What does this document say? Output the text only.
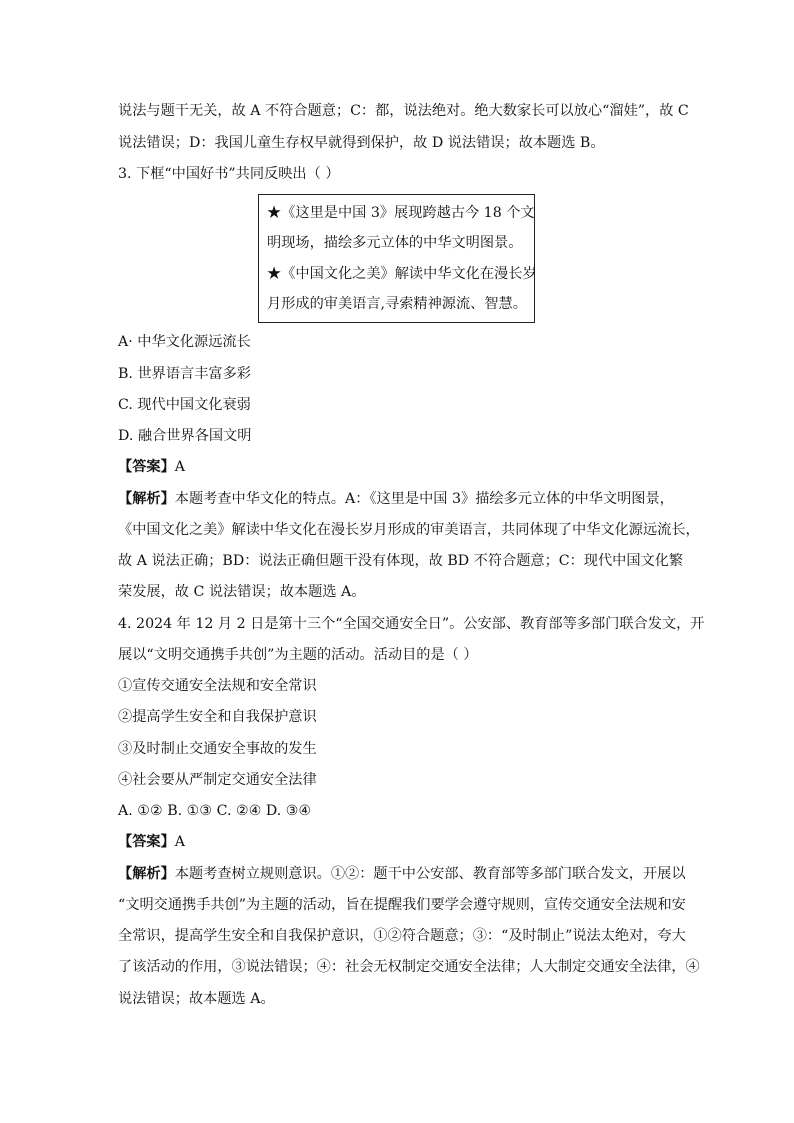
说法与题干无关，故 A 不符合题意；C：都，说法绝对。绝大数家长可以放心“溜娃”，故 C
说法错误；D：我国儿童生存权早就得到保护，故 D 说法错误；故本题选 B。
3. 下框“中国好书”共同反映出（ ）
★《这里是中国 3》展现跨越古今 18 个文
明现场，描绘多元立体的中华文明图景。
★《中国文化之美》解读中华文化在漫长岁
月形成的审美语言,寻索精神源流、智慧。
A· 中华文化源远流长
B. 世界语言丰富多彩
C. 现代中国文化衰弱
D. 融合世界各国文明
【答案】A
【解析】本题考查中华文化的特点。A：《这里是中国 3》描绘多元立体的中华文明图景，
《中国文化之美》解读中华文化在漫长岁月形成的审美语言，共同体现了中华文化源远流长，
故 A 说法正确；BD：说法正确但题干没有体现，故 BD 不符合题意；C：现代中国文化繁
荣发展，故 C 说法错误；故本题选 A。
4. 2024 年 12 月 2 日是第十三个“全国交通安全日”。公安部、教育部等多部门联合发文，开
展以“文明交通携手共创”为主题的活动。活动目的是（ ）
①宣传交通安全法规和安全常识
②提高学生安全和自我保护意识
③及时制止交通安全事故的发生
④社会要从严制定交通安全法律
A. ①② B. ①③ C. ②④ D. ③④
【答案】A
【解析】本题考查树立规则意识。①②：题干中公安部、教育部等多部门联合发文，开展以
“文明交通携手共创”为主题的活动，旨在提醒我们要学会遵守规则，宣传交通安全法规和安
全常识，提高学生安全和自我保护意识，①②符合题意；③：“及时制止”说法太绝对，夸大
了该活动的作用，③说法错误；④：社会无权制定交通安全法律；人大制定交通安全法律，④
说法错误；故本题选 A。
